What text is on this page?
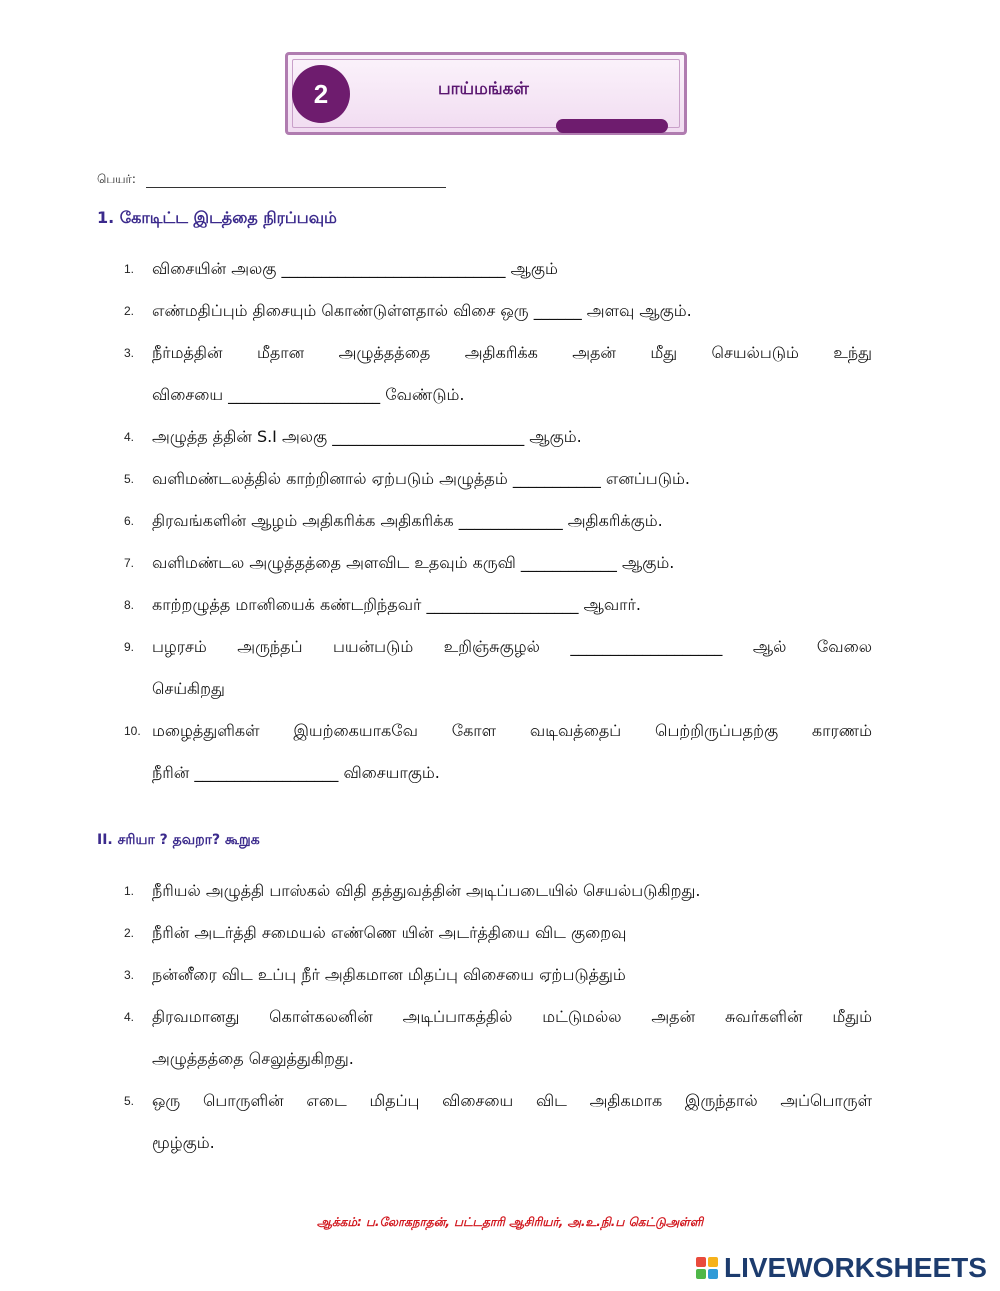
2	பாய்மங்கள்
பெயர்:
1. கோடிட்ட இடத்தை நிரப்பவும்
1.	விசையின் அலகு ____________________________ ஆகும்
2.	எண்மதிப்பும் திசையும் கொண்டுள்ளதால் விசை ஒரு ______ அளவு ஆகும்.
3.	நீர்மத்தின் மீதான அழுத்தத்தை அதிகரிக்க அதன் மீது செயல்படும் உந்து
விசையை ___________________ வேண்டும்.
4.	அழுத்த த்தின் S.I அலகு ________________________ ஆகும்.
5.	வளிமண்டலத்தில் காற்றினால் ஏற்படும் அழுத்தம் ___________ எனப்படும்.
6.	திரவங்களின் ஆழம் அதிகரிக்க அதிகரிக்க _____________ அதிகரிக்கும்.
7.	வளிமண்டல அழுத்தத்தை அளவிட உதவும் கருவி ____________ ஆகும்.
8.	காற்றழுத்த மானியைக் கண்டறிந்தவர் ___________________ ஆவார்.
9.	பழரசம் அருந்தப் பயன்படும் உறிஞ்சுகுழல் ___________________ ஆல் வேலை
செய்கிறது
10. மழைத்துளிகள் இயற்கையாகவே கோள வடிவத்தைப் பெற்றிருப்பதற்கு காரணம்
நீரின் __________________ விசையாகும்.
II. சரியா ? தவறா? கூறுக
1.	நீரியல் அழுத்தி பாஸ்கல் விதி தத்துவத்தின் அடிப்படையில் செயல்படுகிறது.
2.	நீரின் அடர்த்தி சமையல் எண்ணெ யின் அடர்த்தியை விட குறைவு
3.	நன்னீரை விட உப்பு நீர் அதிகமான மிதப்பு விசையை ஏற்படுத்தும்
4.	திரவமானது கொள்கலனின் அடிப்பாகத்தில் மட்டுமல்ல அதன் சுவர்களின் மீதும்
அழுத்தத்தை செலுத்துகிறது.
5.	ஒரு பொருளின் எடை மிதப்பு விசையை விட அதிகமாக இருந்தால் அப்பொருள்
மூழ்கும்.
ஆக்கம்: ப.லோகநாதன், பட்டதாரி ஆசிரியர், அ.உ.நி.ப கெட்டுஅள்ளி
LIVEWORKSHEETS
